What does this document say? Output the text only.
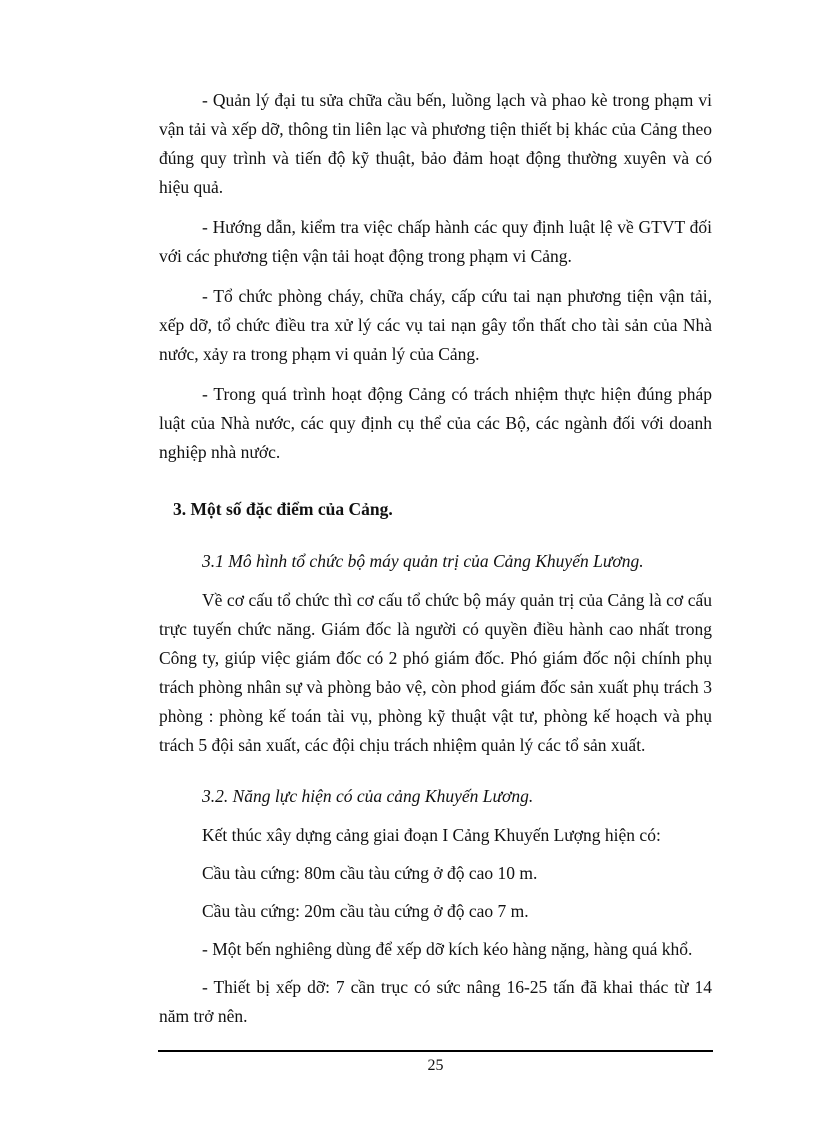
- Quản lý đại tu sửa chữa cầu bến, luồng lạch và phao kè trong phạm vi vận tải và xếp dỡ, thông tin liên lạc và phương tiện thiết bị khác của Cảng theo đúng quy trình và tiến độ kỹ thuật, bảo đảm hoạt động thường xuyên và có hiệu quả.

- Hướng dẫn, kiểm tra việc chấp hành các quy định luật lệ về GTVT đối với các phương tiện vận tải hoạt động trong phạm vi Cảng.

- Tổ chức phòng cháy, chữa cháy, cấp cứu tai nạn phương tiện vận tải, xếp dỡ, tổ chức điều tra xử lý các vụ tai nạn gây tổn thất cho tài sản của Nhà nước, xảy ra trong phạm vi quản lý của Cảng.

- Trong quá trình hoạt động Cảng có trách nhiệm thực hiện đúng pháp luật của Nhà nước, các quy định cụ thể của các Bộ, các ngành đối với doanh nghiệp nhà nước.

3. Một số đặc điểm của Cảng.

3.1 Mô hình tổ chức bộ máy quản trị của Cảng Khuyến Lương.

Về cơ cấu tổ chức thì cơ cấu tổ chức bộ máy quản trị của Cảng là cơ cấu trực tuyến chức năng. Giám đốc là người có quyền điều hành cao nhất trong Công ty, giúp việc giám đốc có 2 phó giám đốc. Phó giám đốc nội chính phụ trách phòng nhân sự và phòng bảo vệ, còn phod giám đốc sản xuất phụ trách 3 phòng : phòng kế toán tài vụ, phòng kỹ thuật vật tư, phòng kế hoạch và phụ trách 5 đội sản xuất, các đội chịu trách nhiệm quản lý các tổ sản xuất.

3.2. Năng lực hiện có của cảng Khuyến Lương.

Kết thúc xây dựng cảng giai đoạn I Cảng Khuyến Lượng hiện có:

Cầu tàu cứng: 80m cầu tàu cứng ở độ cao 10 m.

Cầu tàu cứng: 20m cầu tàu cứng ở độ cao 7 m.

- Một bến nghiêng dùng để xếp dỡ kích kéo hàng nặng, hàng quá khổ.

- Thiết bị xếp dỡ: 7 cần trục có sức nâng 16-25 tấn đã khai thác từ 14 năm trở nên.

25
